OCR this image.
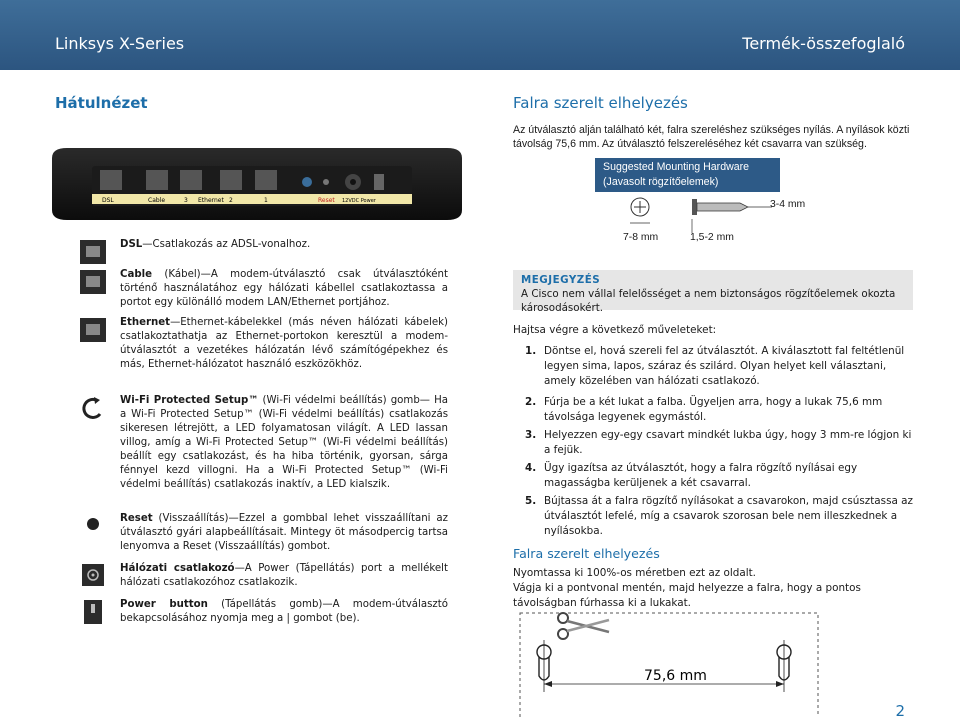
Linksys X-Series	Termék-összefoglaló
Hátulnézet	Falra szerelt elhelyezés
DSL	Cable	3 Ethernet 2	1	Reset 12VDC Power
DSL—Csatlakozás az ADSL-vonalhoz.
Cable (Kábel)—A modem-útválasztó csak útválasztóként történő használatához egy hálózati kábellel csatlakoztassa a portot egy különálló modem LAN/Ethernet portjához.
Ethernet—Ethernet-kábelekkel (más néven hálózati kábelek) csatlakoztathatja az Ethernet-portokon keresztül a modem-útválasztót a vezetékes hálózatán lévő számítógépekhez és más, Ethernet-hálózatot használó eszközökhöz.
Wi-Fi Protected Setup™ (Wi-Fi védelmi beállítás) gomb— Ha a Wi-Fi Protected Setup™ (Wi-Fi védelmi beállítás) csatlakozás sikeresen létrejött, a LED folyamatosan világít. A LED lassan villog, amíg a Wi-Fi Protected Setup™ (Wi-Fi védelmi beállítás) beállít egy csatlakozást, és ha hiba történik, gyorsan, sárga fénnyel kezd villogni. Ha a Wi-Fi Protected Setup™ (Wi-Fi védelmi beállítás) csatlakozás inaktív, a LED kialszik.
Reset (Visszaállítás)—Ezzel a gombbal lehet visszaállítani az útválasztó gyári alapbeállításait. Mintegy öt másodpercig tartsa lenyomva a Reset (Visszaállítás) gombot.
Hálózati csatlakozó—A Power (Tápellátás) port a mellékelt hálózati csatlakozóhoz csatlakozik.
Power button (Tápellátás gomb)—A modem-útválasztó bekapcsolásához nyomja meg a | gombot (be).
Az útválasztó alján található két, falra szereléshez szükséges nyílás. A nyílások közti távolság 75,6 mm. Az útválasztó felszereléséhez két csavarra van szükség.
Suggested Mounting Hardware
(Javasolt rögzítőelemek)
3-4 mm
7-8 mm	1,5-2 mm
MEGJEGYZÉS
A Cisco nem vállal felelősséget a nem biztonságos rögzítőelemek okozta károsodásokért.
Hajtsa végre a következő műveleteket:
1. Döntse el, hová szereli fel az útválasztót. A kiválasztott fal feltétlenül legyen sima, lapos, száraz és szilárd. Olyan helyet kell választani, amely közelében van hálózati csatlakozó.
2. Fúrja be a két lukat a falba. Ügyeljen arra, hogy a lukak 75,6 mm távolsága legyenek egymástól.
3. Helyezzen egy-egy csavart mindkét lukba úgy, hogy 3 mm-re lógjon ki a fejük.
4. Ügy igazítsa az útválasztót, hogy a falra rögzítő nyílásai egy magasságba kerüljenek a két csavarral.
5. Bújtassa át a falra rögzítő nyílásokat a csavarokon, majd csúsztassa az útválasztót lefelé, míg a csavarok szorosan bele nem illeszkednek a nyílásokba.
Falra szerelt elhelyezés
Nyomtassa ki 100%-os méretben ezt az oldalt.
Vágja ki a pontvonal mentén, majd helyezze a falra, hogy a pontos távolságban fúrhassa ki a lukakat.
75,6 mm
2
